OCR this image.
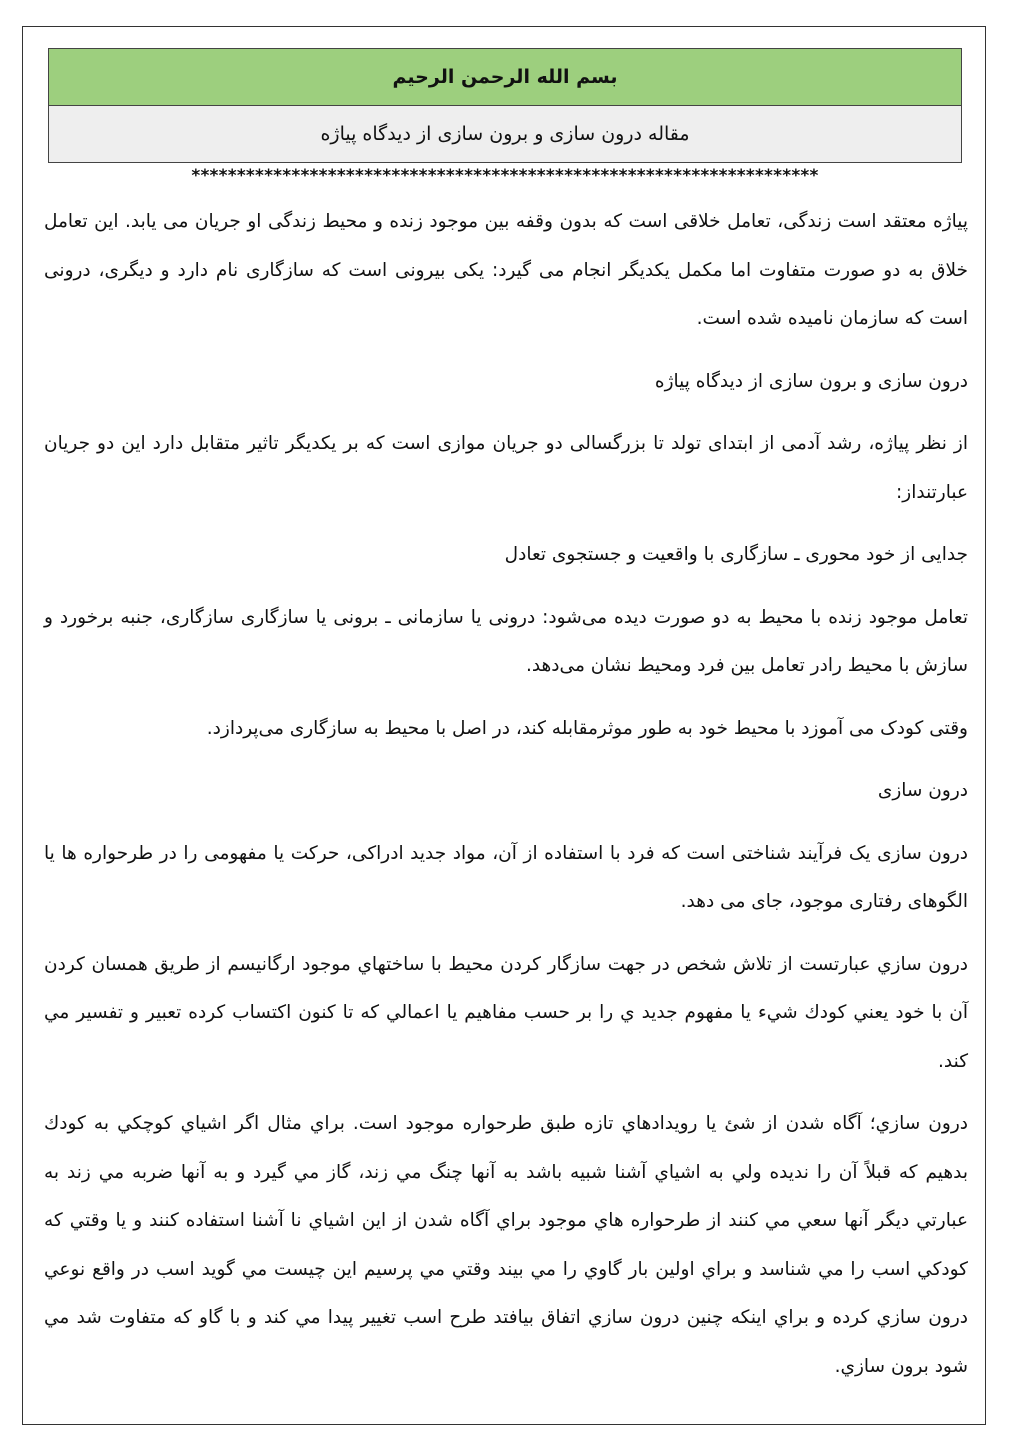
بسم الله الرحمن الرحیم
مقاله درون سازی و برون سازی از دیدگاه پیاژه
*********************************************************************

پیاژه معتقد است زندگی، تعامل خلاقی است که بدون وقفه بین موجود زنده و محیط زندگی او جریان می یابد. این تعامل خلاق به دو صورت متفاوت اما مکمل یکدیگر انجام می گیرد: یکی بیرونی است که سازگاری نام دارد و دیگری، درونی است که سازمان نامیده شده است.

درون سازی و برون سازی از دیدگاه پیاژه

از نظر پیاژه، رشد آدمی از ابتدای تولد تا بزرگسالی دو جریان موازی است که بر یکدیگر تاثیر متقابل دارد این دو جریان عبارتنداز:

جدایی از خود محوری ـ سازگاری با واقعیت و جستجوی تعادل

تعامل موجود زنده با محیط به دو صورت دیده می‌شود: درونی یا سازمانی ـ برونی یا سازگاری سازگاری، جنبه برخورد و سازش با محیط رادر تعامل بین فرد ومحیط نشان می‌دهد.

وقتی کودک می آموزد با محیط خود به طور موثرمقابله کند، در اصل با محیط به سازگاری می‌پردازد.

درون سازی

درون سازی یک فرآیند شناختی است که فرد با استفاده از آن، مواد جدید ادراکی، حرکت یا مفهومی را در طرحواره ها یا الگوهای رفتاری موجود، جای می دهد.

درون سازي عبارتست از تلاش شخص در جهت سازگار كردن محيط با ساختهاي موجود ارگانيسم از طريق همسان كردن آن با خود يعني كودك شيء يا مفهوم جديد ي را بر حسب مفاهيم يا اعمالي كه تا كنون اكتساب كرده تعبير و تفسير مي كند.

درون سازي؛ آگاه شدن از شئ يا رويدادهاي تازه طبق طرحواره موجود است. براي مثال اگر اشياي كوچكي به كودك بدهيم كه قبلاً آن را نديده ولي به اشياي آشنا شبيه باشد به آنها چنگ مي زند، گاز مي گيرد و به آنها ضربه مي زند به عبارتي ديگر آنها سعي مي كنند از طرحواره هاي موجود براي آگاه شدن از اين اشياي نا آشنا استفاده كنند و يا وقتي كه كودكي اسب را مي شناسد و براي اولين بار گاوي را مي بيند وقتي مي پرسيم اين چيست مي گويد اسب در واقع نوعي درون سازي كرده و براي اينكه چنين درون سازي اتفاق بيافتد طرح اسب تغيير پيدا مي كند و با گاو كه متفاوت شد مي شود برون سازي.
